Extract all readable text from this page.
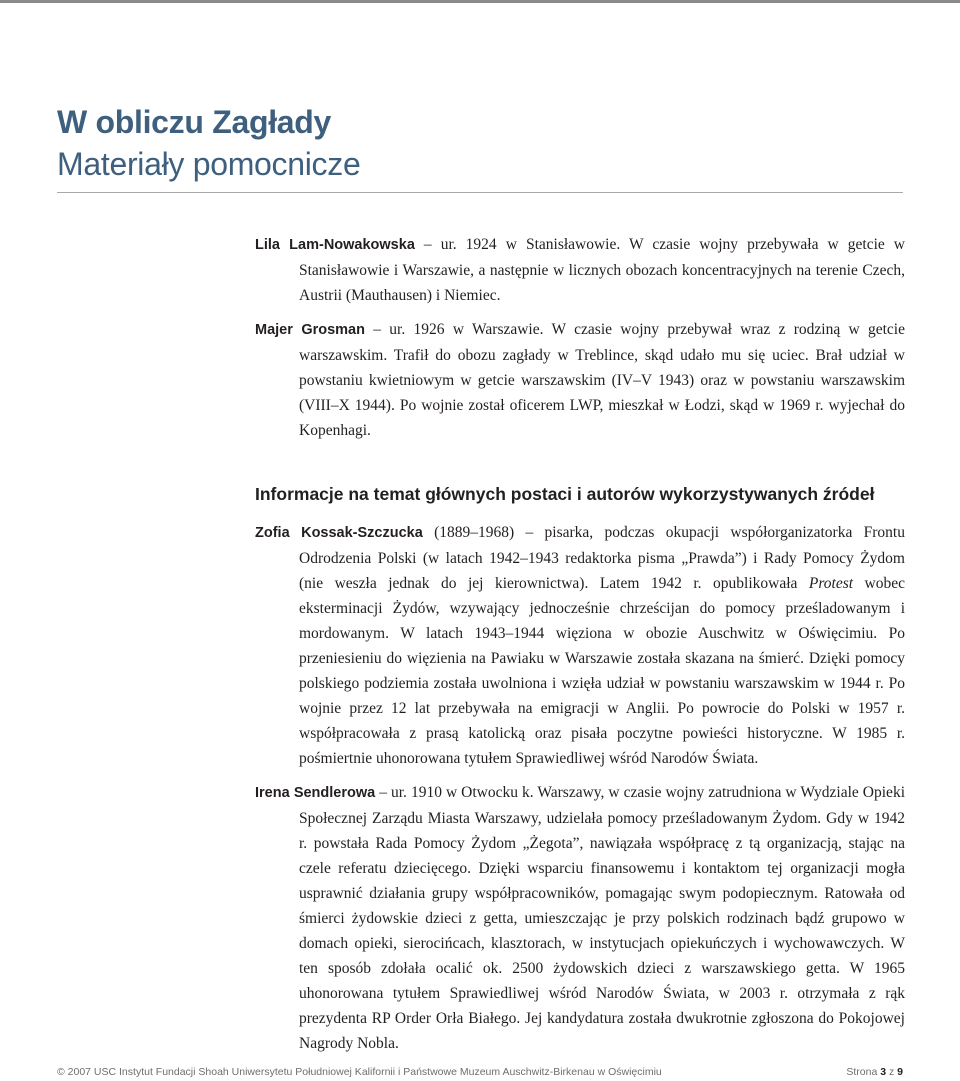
W obliczu Zagłady
Materiały pomocnicze

Lila Lam-Nowakowska – ur. 1924 w Stanisławowie. W czasie wojny przebywała w getcie w Stanisławowie i Warszawie, a następnie w licznych obozach koncentracyjnych na terenie Czech, Austrii (Mauthausen) i Niemiec.

Majer Grosman – ur. 1926 w Warszawie. W czasie wojny przebywał wraz z rodziną w getcie warszawskim. Trafił do obozu zagłady w Treblince, skąd udało mu się uciec. Brał udział w powstaniu kwietniowym w getcie warszawskim (IV–V 1943) oraz w powstaniu warszawskim (VIII–X 1944). Po wojnie został oficerem LWP, mieszkał w Łodzi, skąd w 1969 r. wyjechał do Kopenhagi.

Informacje na temat głównych postaci i autorów wykorzystywanych źródeł

Zofia Kossak-Szczucka (1889–1968) – pisarka, podczas okupacji współorganizatorka Frontu Odrodzenia Polski (w latach 1942–1943 redaktorka pisma „Prawda”) i Rady Pomocy Żydom (nie weszła jednak do jej kierownictwa). Latem 1942 r. opublikowała Protest wobec eksterminacji Żydów, wzywający jednocześnie chrześcijan do pomocy prześladowanym i mordowanym. W latach 1943–1944 więziona w obozie Auschwitz w Oświęcimiu. Po przeniesieniu do więzienia na Pawiaku w Warszawie została skazana na śmierć. Dzięki pomocy polskiego podziemia została uwolniona i wzięła udział w powstaniu warszawskim w 1944 r. Po wojnie przez 12 lat przebywała na emigracji w Anglii. Po powrocie do Polski w 1957 r. współpracowała z prasą katolicką oraz pisała poczytne powieści historyczne. W 1985 r. pośmiertnie uhonorowana tytułem Sprawiedliwej wśród Narodów Świata.

Irena Sendlerowa – ur. 1910 w Otwocku k. Warszawy, w czasie wojny zatrudniona w Wydziale Opieki Społecznej Zarządu Miasta Warszawy, udzielała pomocy prześladowanym Żydom. Gdy w 1942 r. powstała Rada Pomocy Żydom „Żegota”, nawiązała współpracę z tą organizacją, stając na czele referatu dziecięcego. Dzięki wsparciu finansowemu i kontaktom tej organizacji mogła usprawnić działania grupy współpracowników, pomagając swym podopiecznym. Ratowała od śmierci żydowskie dzieci z getta, umieszczając je przy polskich rodzinach bądź grupowo w domach opieki, sierocińcach, klasztorach, w instytucjach opiekuńczych i wychowawczych. W ten sposób zdołała ocalić ok. 2500 żydowskich dzieci z warszawskiego getta. W 1965 uhonorowana tytułem Sprawiedliwej wśród Narodów Świata, w 2003 r. otrzymała z rąk prezydenta RP Order Orła Białego. Jej kandydatura została dwukrotnie zgłoszona do Pokojowej Nagrody Nobla.

© 2007 USC Instytut Fundacji Shoah Uniwersytetu Południowej Kalifornii i Państwowe Muzeum Auschwitz-Birkenau w Oświęcimiu	Strona 3 z 9
